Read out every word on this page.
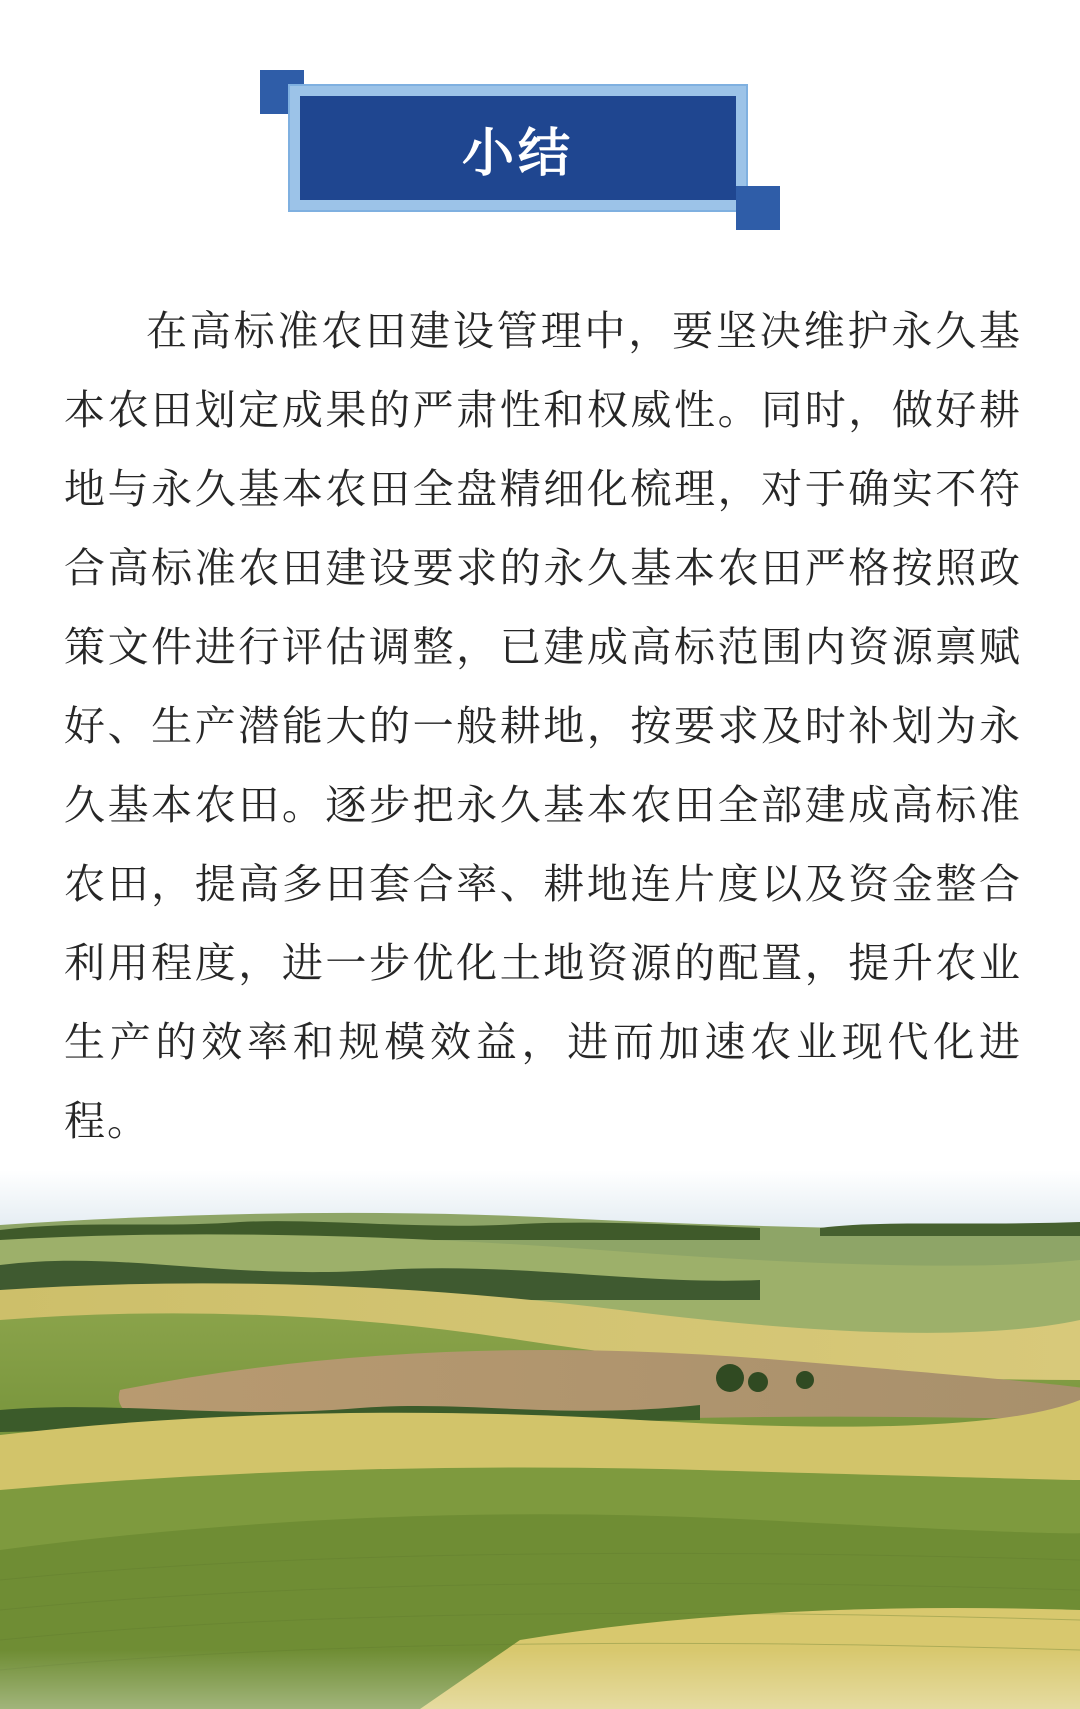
小结

在高标准农田建设管理中，要坚决维护永久基本农田划定成果的严肃性和权威性。同时，做好耕地与永久基本农田全盘精细化梳理，对于确实不符合高标准农田建设要求的永久基本农田严格按照政策文件进行评估调整，已建成高标范围内资源禀赋好、生产潜能大的一般耕地，按要求及时补划为永久基本农田。逐步把永久基本农田全部建成高标准农田，提高多田套合率、耕地连片度以及资金整合利用程度，进一步优化土地资源的配置，提升农业生产的效率和规模效益，进而加速农业现代化进程。
